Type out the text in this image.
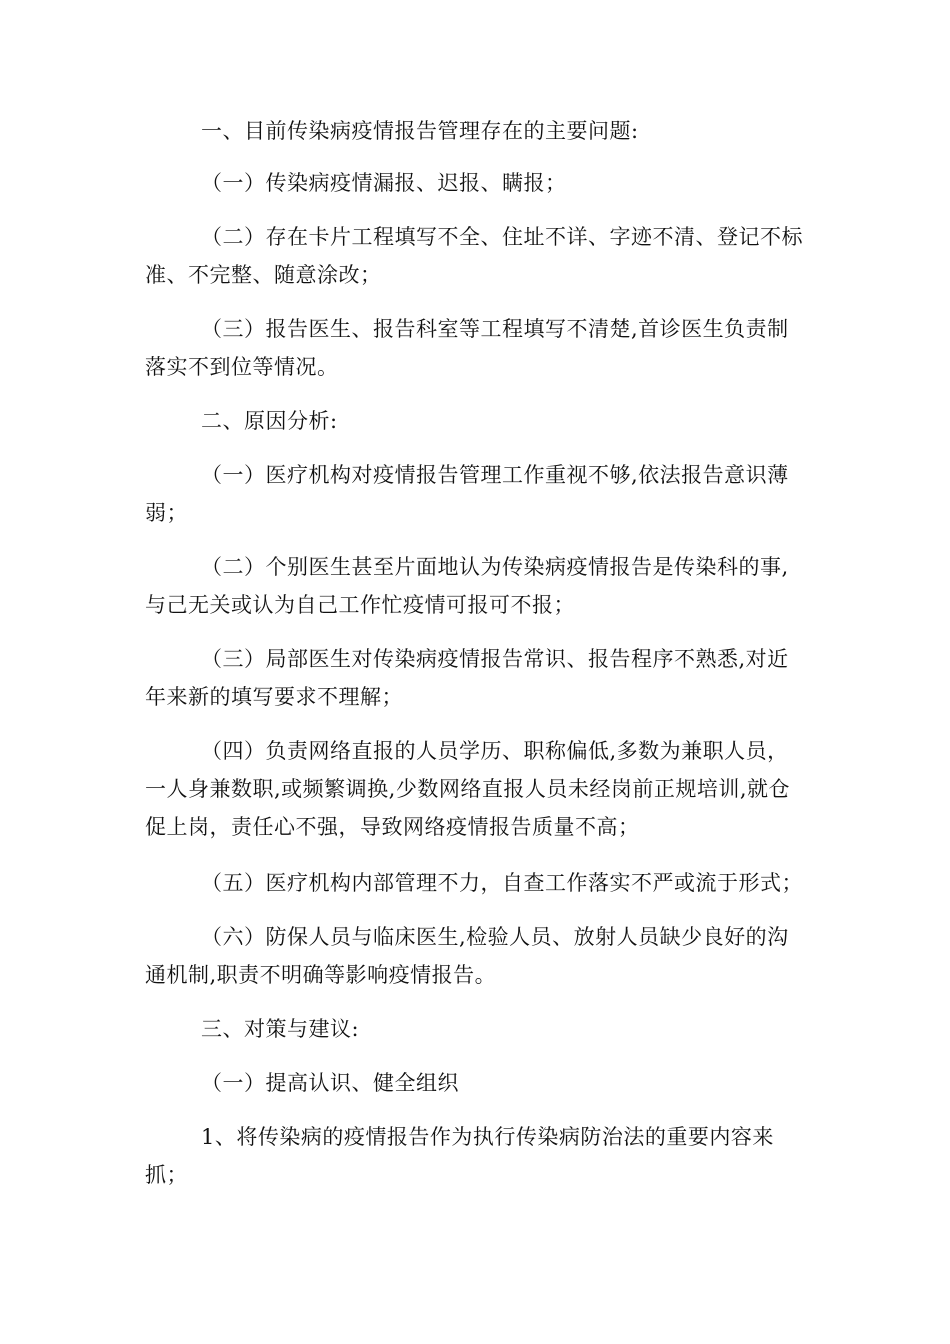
一、目前传染病疫情报告管理存在的主要问题:

（一）传染病疫情漏报、迟报、瞒报；

（二）存在卡片工程填写不全、住址不详、字迹不清、登记不标准、不完整、随意涂改；

（三）报告医生、报告科室等工程填写不清楚,首诊医生负责制落实不到位等情况。

二、原因分析:

（一）医疗机构对疫情报告管理工作重视不够,依法报告意识薄弱；

（二）个别医生甚至片面地认为传染病疫情报告是传染科的事,与己无关或认为自己工作忙疫情可报可不报；

（三）局部医生对传染病疫情报告常识、报告程序不熟悉,对近年来新的填写要求不理解；

（四）负责网络直报的人员学历、职称偏低,多数为兼职人员，一人身兼数职,或频繁调换,少数网络直报人员未经岗前正规培训,就仓促上岗，责任心不强，导致网络疫情报告质量不高；

（五）医疗机构内部管理不力，自查工作落实不严或流于形式；

（六）防保人员与临床医生,检验人员、放射人员缺少良好的沟通机制,职责不明确等影响疫情报告。

三、对策与建议:

（一）提高认识、健全组织

1、将传染病的疫情报告作为执行传染病防治法的重要内容来抓；
